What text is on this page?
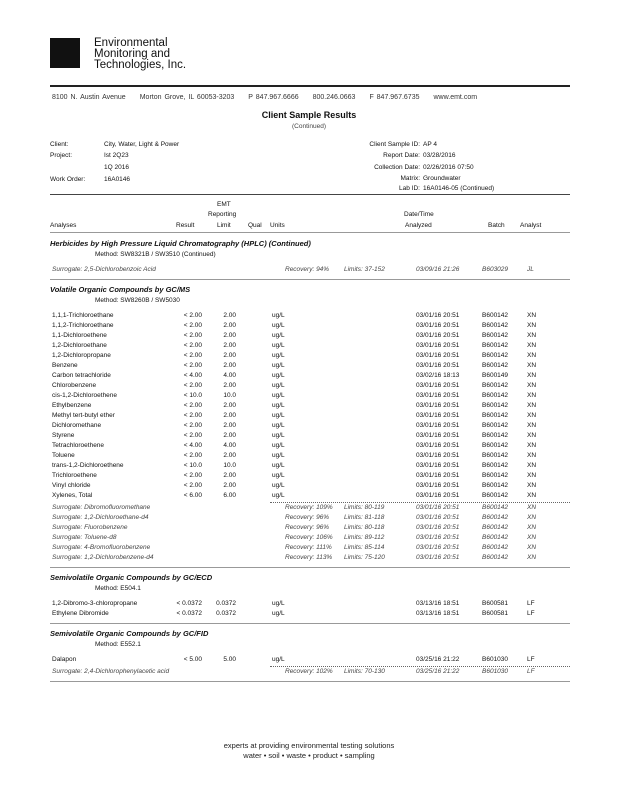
Environmental
Monitoring and
Technologies, Inc.
8100 N. Austin Avenue Morton Grove, IL 60053-3203 P 847.967.6666 800.246.0663 F 847.967.6735 www.emt.com
Client Sample Results
(Continued)
Client:	City, Water, Light & Power
Project:	Ist 2Q23
1Q 2016
Work Order:	16A0146
Client Sample ID: AP 4
Report Date: 03/28/2016
Collection Date: 02/26/2016 07:50
Matrix: Groundwater
Lab ID: 16A0146-05 (Continued)
EMT
Reporting
Analyses	Result	Limit	Qual Units
Date/Time
Analyzed	Batch Analyst
Herbicides by High Pressure Liquid Chromatography (HPLC) (Continued)
Method: SW8321B / SW3510 (Continued)
Surrogate: 2,5-Dichlorobenzoic Acid	Recovery: 94% Limits: 37-152	03/09/16 21:26	B603029	JL
Volatile Organic Compounds by GC/MS
Method: SW8260B / SW5030
1,1,1-Trichloroethane	< 2.00	2.00	ug/L	03/01/16 20:51	B600142	XN
1,1,2-Trichloroethane	< 2.00	2.00	ug/L	03/01/16 20:51	B600142	XN
1,1-Dichloroethene	< 2.00	2.00	ug/L	03/01/16 20:51	B600142	XN
1,2-Dichloroethane	< 2.00	2.00	ug/L	03/01/16 20:51	B600142	XN
1,2-Dichloropropane	< 2.00	2.00	ug/L	03/01/16 20:51	B600142	XN
Benzene	< 2.00	2.00	ug/L	03/01/16 20:51	B600142	XN
Carbon tetrachloride	< 4.00	4.00	ug/L	03/02/16 18:13	B600149	XN
Chlorobenzene	< 2.00	2.00	ug/L	03/01/16 20:51	B600142	XN
cis-1,2-Dichloroethene	< 10.0	10.0	ug/L	03/01/16 20:51	B600142	XN
Ethylbenzene	< 2.00	2.00	ug/L	03/01/16 20:51	B600142	XN
Methyl tert-butyl ether	< 2.00	2.00	ug/L	03/01/16 20:51	B600142	XN
Dichloromethane	< 2.00	2.00	ug/L	03/01/16 20:51	B600142	XN
Styrene	< 2.00	2.00	ug/L	03/01/16 20:51	B600142	XN
Tetrachloroethene	< 4.00	4.00	ug/L	03/01/16 20:51	B600142	XN
Toluene	< 2.00	2.00	ug/L	03/01/16 20:51	B600142	XN
trans-1,2-Dichloroethene	< 10.0	10.0	ug/L	03/01/16 20:51	B600142	XN
Trichloroethene	< 2.00	2.00	ug/L	03/01/16 20:51	B600142	XN
Vinyl chloride	< 2.00	2.00	ug/L	03/01/16 20:51	B600142	XN
Xylenes, Total	< 6.00	6.00	ug/L	03/01/16 20:51	B600142	XN
Surrogate: Dibromofluoromethane	Recovery: 109% Limits: 80-119	03/01/16 20:51	B600142	XN
Surrogate: 1,2-Dichloroethane-d4	Recovery: 96% Limits: 81-118	03/01/16 20:51	B600142	XN
Surrogate: Fluorobenzene	Recovery: 96% Limits: 80-118	03/01/16 20:51	B600142	XN
Surrogate: Toluene-d8	Recovery: 106% Limits: 89-112	03/01/16 20:51	B600142	XN
Surrogate: 4-Bromofluorobenzene	Recovery: 111% Limits: 85-114	03/01/16 20:51	B600142	XN
Surrogate: 1,2-Dichlorobenzene-d4	Recovery: 113% Limits: 75-120	03/01/16 20:51	B600142	XN
Semivolatile Organic Compounds by GC/ECD
Method: E504.1
1,2-Dibromo-3-chloropropane	< 0.0372	0.0372	ug/L	03/13/16 18:51	B600581	LF
Ethylene Dibromide	< 0.0372	0.0372	ug/L	03/13/16 18:51	B600581	LF
Semivolatile Organic Compounds by GC/FID
Method: E552.1
Dalapon	< 5.00	5.00	ug/L	03/25/16 21:22	B601030	LF
Surrogate: 2,4-Dichlorophenylacetic acid	Recovery: 102% Limits: 70-130	03/25/16 21:22	B601030	LF
experts at providing environmental testing solutions
water • soil • waste • product • sampling
